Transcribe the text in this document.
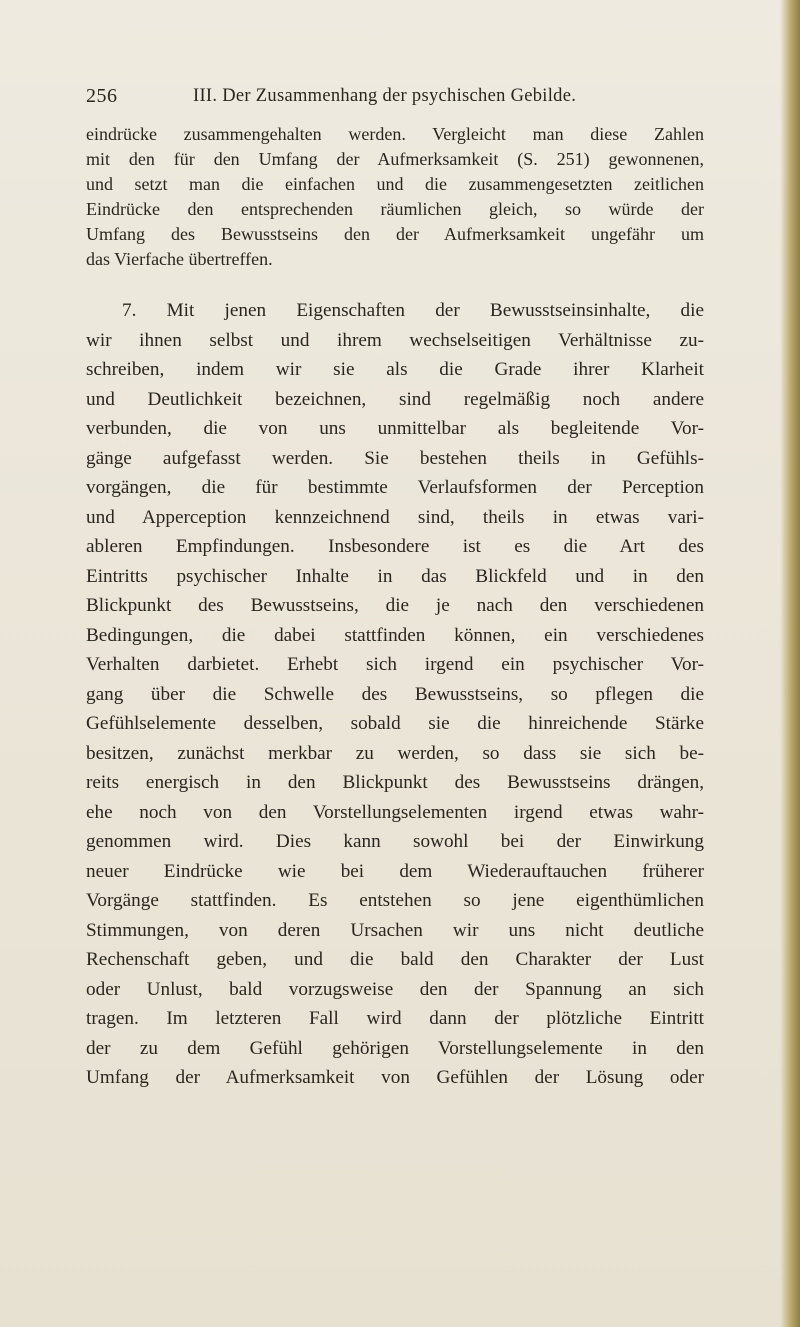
256	III. Der Zusammenhang der psychischen Gebilde.
eindrücke zusammengehalten werden. Vergleicht man diese Zahlen
mit den für den Umfang der Aufmerksamkeit (S. 251) gewonnenen,
und setzt man die einfachen und die zusammengesetzten zeitlichen
Eindrücke den entsprechenden räumlichen gleich, so würde der
Umfang des Bewusstseins den der Aufmerksamkeit ungefähr um
das Vierfache übertreffen.
7. Mit jenen Eigenschaften der Bewusstseinsinhalte, die
wir ihnen selbst und ihrem wechselseitigen Verhältnisse zu-
schreiben, indem wir sie als die Grade ihrer Klarheit
und Deutlichkeit bezeichnen, sind regelmäßig noch andere
verbunden, die von uns unmittelbar als begleitende Vor-
gänge aufgefasst werden. Sie bestehen theils in Gefühls-
vorgängen, die für bestimmte Verlaufsformen der Perception
und Apperception kennzeichnend sind, theils in etwas vari-
ableren Empfindungen. Insbesondere ist es die Art des
Eintritts psychischer Inhalte in das Blickfeld und in den
Blickpunkt des Bewusstseins, die je nach den verschiedenen
Bedingungen, die dabei stattfinden können, ein verschiedenes
Verhalten darbietet. Erhebt sich irgend ein psychischer Vor-
gang über die Schwelle des Bewusstseins, so pflegen die
Gefühlselemente desselben, sobald sie die hinreichende Stärke
besitzen, zunächst merkbar zu werden, so dass sie sich be-
reits energisch in den Blickpunkt des Bewusstseins drängen,
ehe noch von den Vorstellungselementen irgend etwas wahr-
genommen wird. Dies kann sowohl bei der Einwirkung
neuer Eindrücke wie bei dem Wiederauftauchen früherer
Vorgänge stattfinden. Es entstehen so jene eigenthümlichen
Stimmungen, von deren Ursachen wir uns nicht deutliche
Rechenschaft geben, und die bald den Charakter der Lust
oder Unlust, bald vorzugsweise den der Spannung an sich
tragen. Im letzteren Fall wird dann der plötzliche Eintritt
der zu dem Gefühl gehörigen Vorstellungselemente in den
Umfang der Aufmerksamkeit von Gefühlen der Lösung oder
